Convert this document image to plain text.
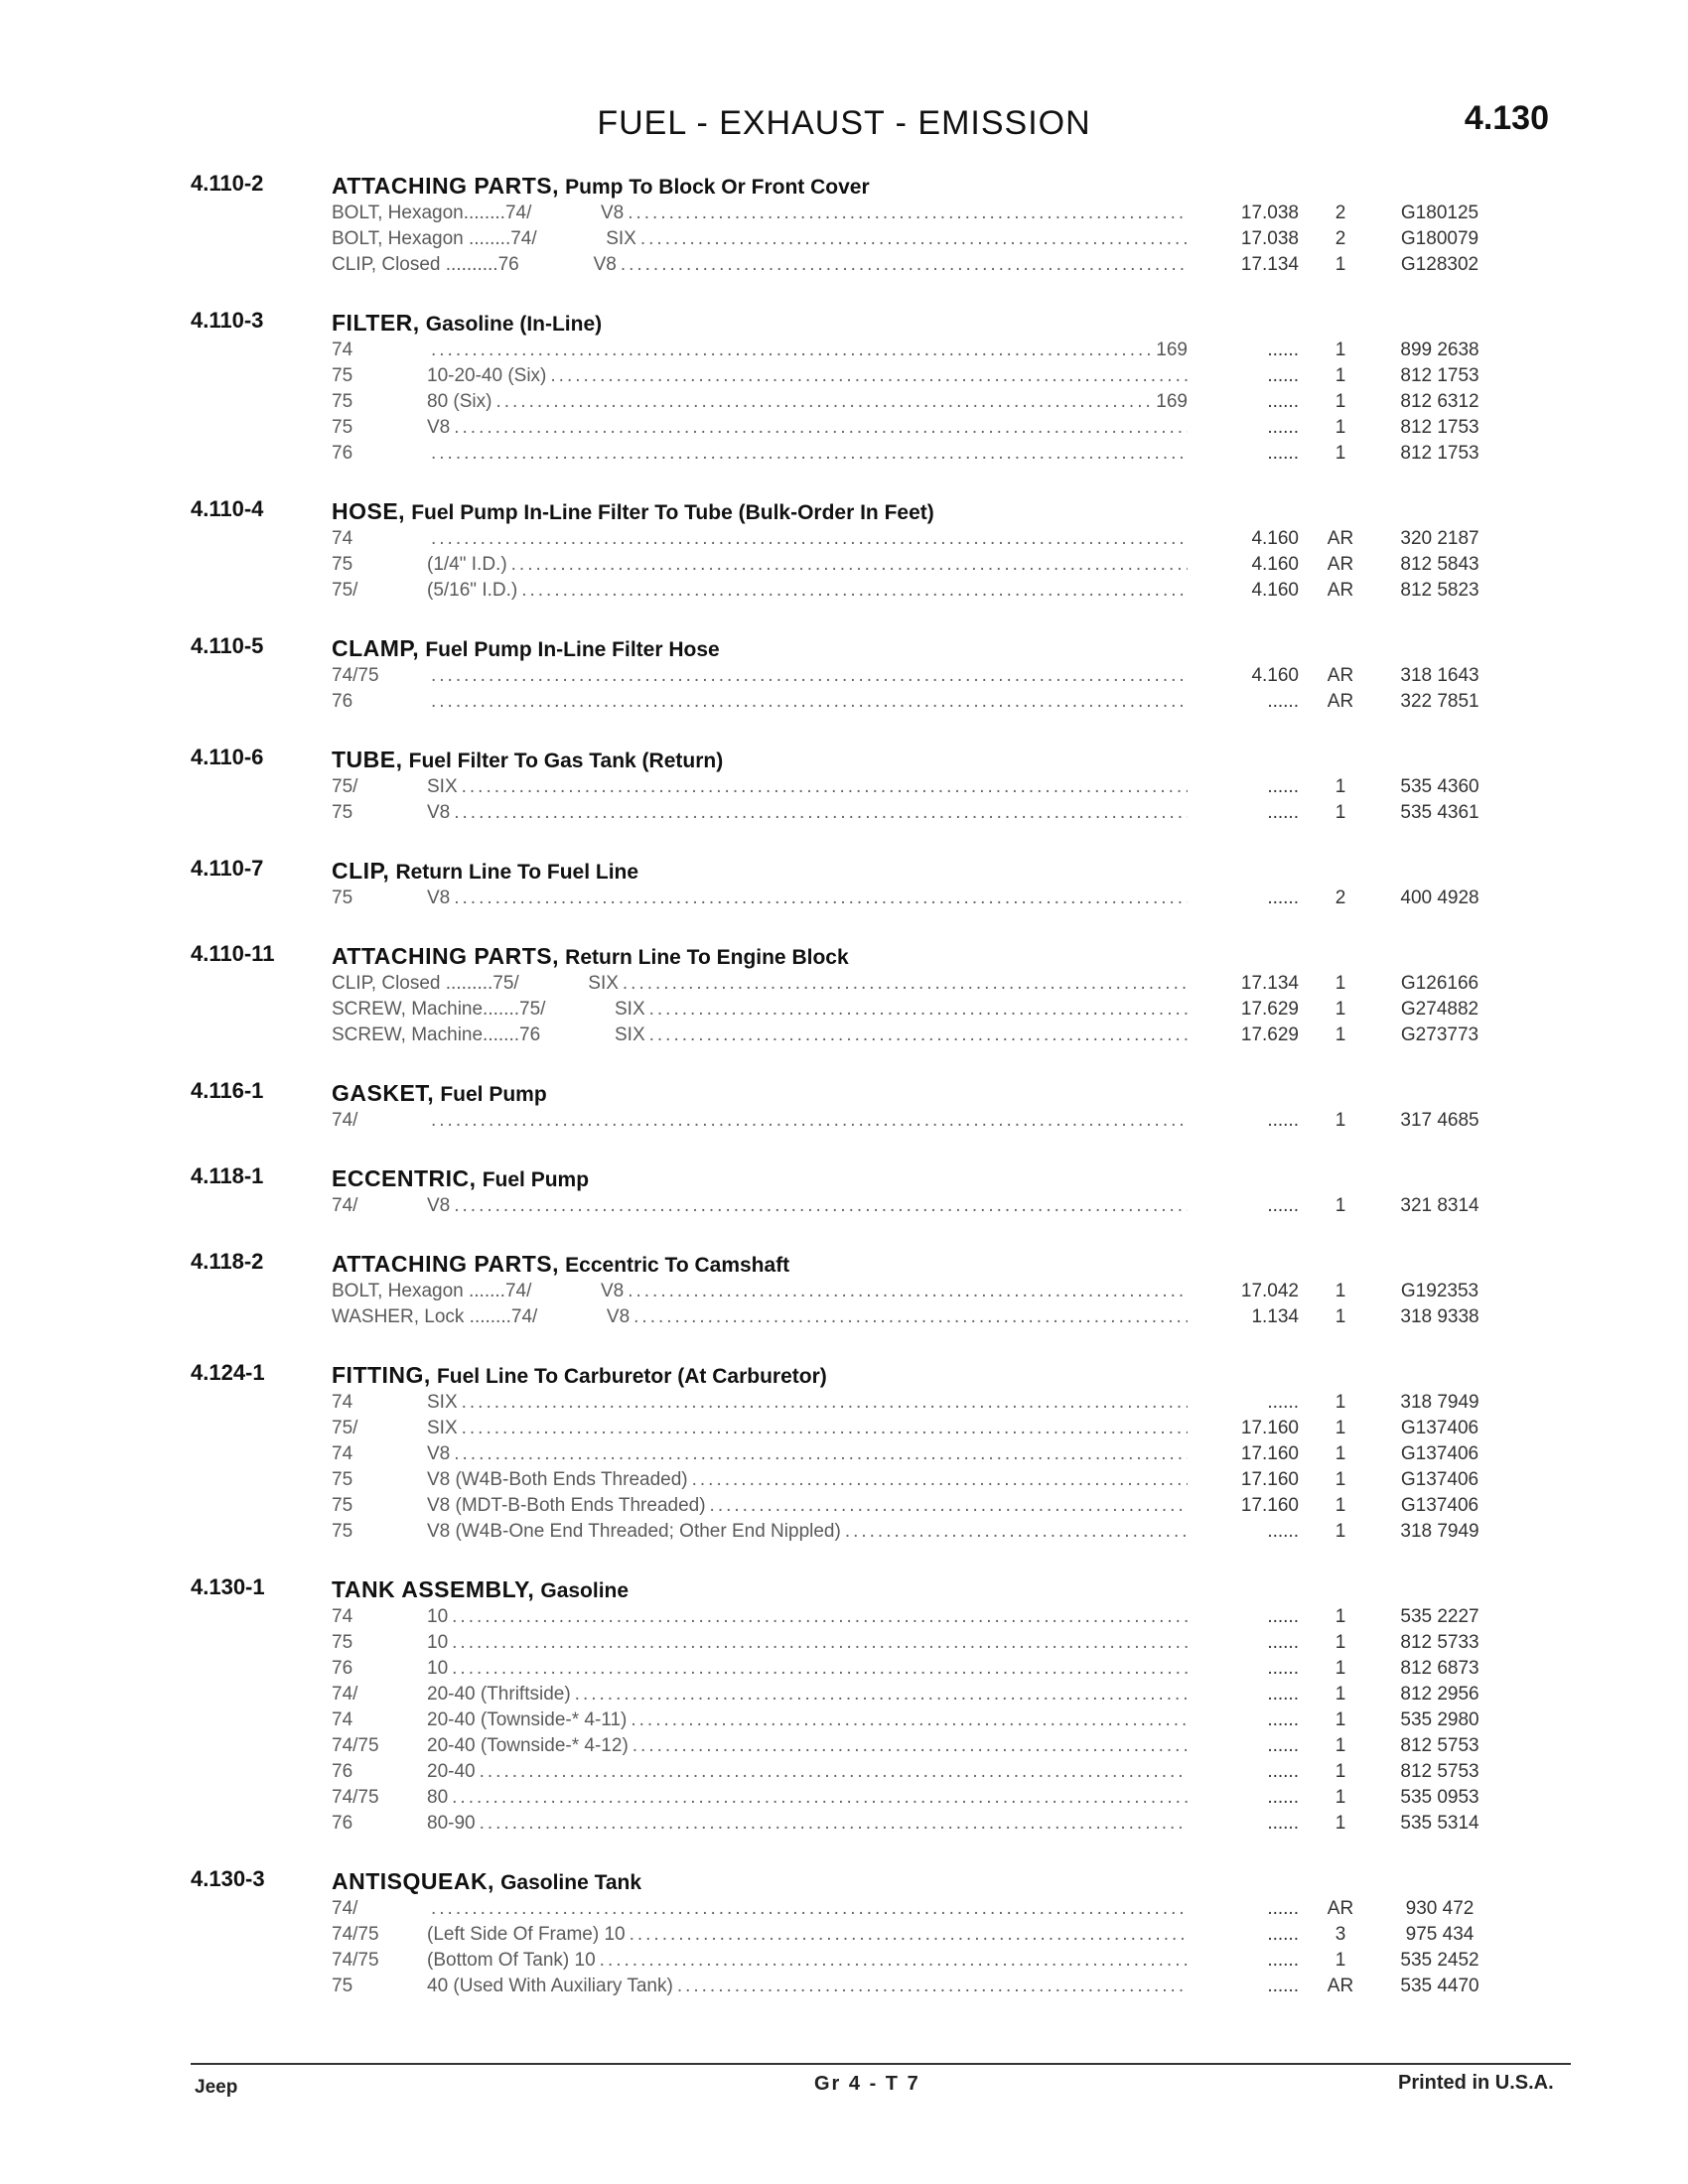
FUEL - EXHAUST - EMISSION	4.130
4.110-2	ATTACHING PARTS, Pump To Block Or Front Cover
BOLT, Hexagon........74/	V8 .....	17.038	2	G180125
BOLT, Hexagon ........74/	SIX .....	17.038	2	G180079
CLIP, Closed ..........76	V8 .....	17.134	1	G128302
4.110-3	FILTER, Gasoline (In-Line)
74 .....	169	......	1	899 2638
75	10-20-40 (Six) .....	......	1	812 1753
75	80 (Six) .....	169	......	1	812 6312
75	V8 .....	......	1	812 1753
76 .....	......	1	812 1753
4.110-4	HOSE, Fuel Pump In-Line Filter To Tube (Bulk-Order In Feet)
74 .....	4.160	AR	320 2187
75	(1/4" I.D.) .....	4.160	AR	812 5843
75/	(5/16" I.D.) .....	4.160	AR	812 5823
4.110-5	CLAMP, Fuel Pump In-Line Filter Hose
74/75 .....	4.160	AR	318 1643
76 .....	......	AR	322 7851
4.110-6	TUBE, Fuel Filter To Gas Tank (Return)
75/	SIX .....	......	1	535 4360
75	V8 .....	......	1	535 4361
4.110-7	CLIP, Return Line To Fuel Line
75	V8 .....	......	2	400 4928
4.110-11	ATTACHING PARTS, Return Line To Engine Block
CLIP, Closed .........75/	SIX .....	17.134	1	G126166
SCREW, Machine.......75/	SIX .....	17.629	1	G274882
SCREW, Machine.......76	SIX .....	17.629	1	G273773
4.116-1	GASKET, Fuel Pump
74/ .....	......	1	317 4685
4.118-1	ECCENTRIC, Fuel Pump
74/	V8 .....	......	1	321 8314
4.118-2	ATTACHING PARTS, Eccentric To Camshaft
BOLT, Hexagon .......74/	V8 .....	17.042	1	G192353
WASHER, Lock ........74/	V8 .....	1.134	1	318 9338
4.124-1	FITTING, Fuel Line To Carburetor (At Carburetor)
74	SIX .....	......	1	318 7949
75/	SIX .....	17.160	1	G137406
74	V8 .....	17.160	1	G137406
75	V8 (W4B-Both Ends Threaded) .....	17.160	1	G137406
75	V8 (MDT-B-Both Ends Threaded) .....	17.160	1	G137406
75	V8 (W4B-One End Threaded; Other End Nippled) .....	......	1	318 7949
4.130-1	TANK ASSEMBLY, Gasoline
74	10 .....	......	1	535 2227
75	10 .....	......	1	812 5733
76	10 .....	......	1	812 6873
74/	20-40 (Thriftside) .....	......	1	812 2956
74	20-40 (Townside-* 4-11) .....	......	1	535 2980
74/75	20-40 (Townside-* 4-12) .....	......	1	812 5753
76	20-40 .....	......	1	812 5753
74/75	80 .....	......	1	535 0953
76	80-90 .....	......	1	535 5314
4.130-3	ANTISQUEAK, Gasoline Tank
74/ .....	......	AR	930 472
74/75	(Left Side Of Frame) 10 .....	......	3	975 434
74/75	(Bottom Of Tank) 10 .....	......	1	535 2452
75	40 (Used With Auxiliary Tank) .....	......	AR	535 4470
Jeep	Gr 4 - T 7	Printed in U.S.A.
